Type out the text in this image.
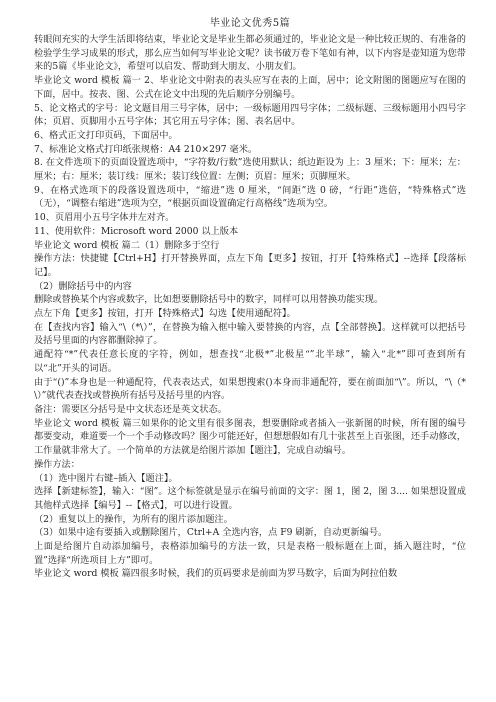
毕业论文优秀5篇

转眼间充实的大学生活即将结束，毕业论文是毕业生都必须通过的，毕业论文是一种比较正规的、有准备的检验学生学习成果的形式，那么应当如何写毕业论文呢？读书破万卷下笔如有神，以下内容是壶知道为您带来的5篇《毕业论文》，希望可以启发、帮助到大朋友、小朋友们。

毕业论文 word 模板 篇一 2、毕业论文中附表的表头应写在表的上面，居中；论文附图的图题应写在图的下面，居中。按表、图、公式在论文中出现的先后顺序分别编号。

5、论文格式的字号：论文题目用三号字体，居中；一级标题用四号字体；二级标题、三级标题用小四号字体；页眉、页脚用小五号字体；其它用五号字体；图、表名居中。

6、格式正文打印页码，下面居中。

7、标准论文格式打印纸张规格：A4 210×297 毫米。

8. 在文件选项下的页面设置选项中，“字符数/行数”选使用默认；纸边距设为 上：3 厘米；下：厘米；左：厘米；右：厘米；装订线：厘米；装订线位置：左侧；页眉：厘米；页脚厘米。

9、在格式选项下的段落设置选项中，“缩进”选 0 厘米，“间距”选 0 磅，“行距”选倍，“特殊格式”选（无），“调整右缩进”选项为空，“根据页面设置确定行高格线”选项为空。

10、页眉用小五号字体并左对齐。

11、使用软件：Microsoft word 2000 以上版本

毕业论文 word 模板 篇二（1）删除多于空行

操作方法：快捷键【Ctrl+H】打开替换界面，点左下角【更多】按钮，打开【特殊格式】--选择【段落标记】。

（2）删除括号中的内容

删除或替换某个内容或数字，比如想要删除括号中的数字，同样可以用替换功能实现。

点左下角【更多】按钮，打开【特殊格式】勾选【使用通配符】。

在【查找内容】输入“\（*\）”，在替换为输入框中输入要替换的内容，点【全部替换】。这样就可以把括号及括号里面的内容都删除掉了。

通配符“*”代表任意长度的字符，例如，想查找“北极*”北极星“”北半球”，输入“北*”即可查到所有以“北”开头的词语。

由于“()”本身也是一种通配符，代表表达式，如果想搜索()本身而非通配符，要在前面加“\”。所以，“\（*\）”就代表查找或替换所有括号及括号里的内容。

备注：需要区分括号是中文状态还是英文状态。

毕业论文 word 模板 篇三如果你的论文里有很多图表，想要删除或者插入一张新图的时候，所有图的编号都要变动，难道要一个一个手动修改吗？图少可能还好，但想想假如有几十张甚至上百张图，还手动修改，工作量就非常大了。一个简单的方法就是给图片添加【题注】，完成自动编号。

操作方法：

（1）选中图片右键–插入【题注】。

选择【新建标签】，输入：“图”。这个标签就是显示在编号前面的文字：图 1，图 2，图 3.... 如果想设置成其他样式选择【编号】--【格式】，可以进行设置。

（2）重复以上的操作，为所有的图片添加题注。

（3）如果中途有要插入或删除图片，Ctrl+A 全选内容，点 F9 刷新，自动更新编号。

上面是给图片自动添加编号，表格添加编号的方法一致，只是表格一般标题在上面，插入题注时，“位置”选择“所选项目上方”即可。

毕业论文 word 模板 篇四很多时候，我们的页码要求是前面为罗马数字，后面为阿拉伯数
